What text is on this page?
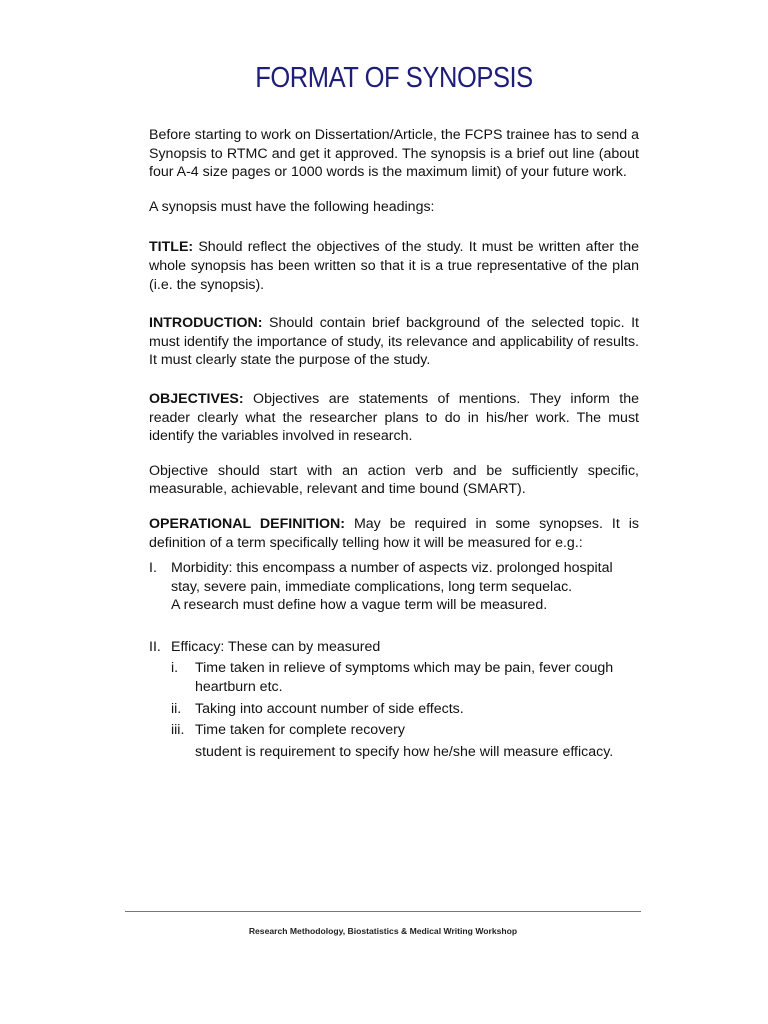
FORMAT OF SYNOPSIS

Before starting to work on Dissertation/Article, the FCPS trainee has to send a Synopsis to RTMC and get it approved. The synopsis is a brief out line (about four A-4 size pages or 1000 words is the maximum limit) of your future work.

A synopsis must have the following headings:

TITLE: Should reflect the objectives of the study. It must be written after the whole synopsis has been written so that it is a true representative of the plan (i.e. the synopsis).

INTRODUCTION: Should contain brief background of the selected topic. It must identify the importance of study, its relevance and applicability of results. It must clearly state the purpose of the study.

OBJECTIVES: Objectives are statements of mentions. They inform the reader clearly what the researcher plans to do in his/her work. The must identify the variables involved in research.

Objective should start with an action verb and be sufficiently specific, measurable, achievable, relevant and time bound (SMART).

OPERATIONAL DEFINITION: May be required in some synopses. It is definition of a term specifically telling how it will be measured for e.g.:

I. Morbidity: this encompass a number of aspects viz. prolonged hospital stay, severe pain, immediate complications, long term sequelac.
A research must define how a vague term will be measured.
II. Efficacy: These can by measured
i. Time taken in relieve of symptoms which may be pain, fever cough heartburn etc.
ii. Taking into account number of side effects.
iii. Time taken for complete recovery

student is requirement to specify how he/she will measure efficacy.

Research Methodology, Biostatistics & Medical Writing Workshop
